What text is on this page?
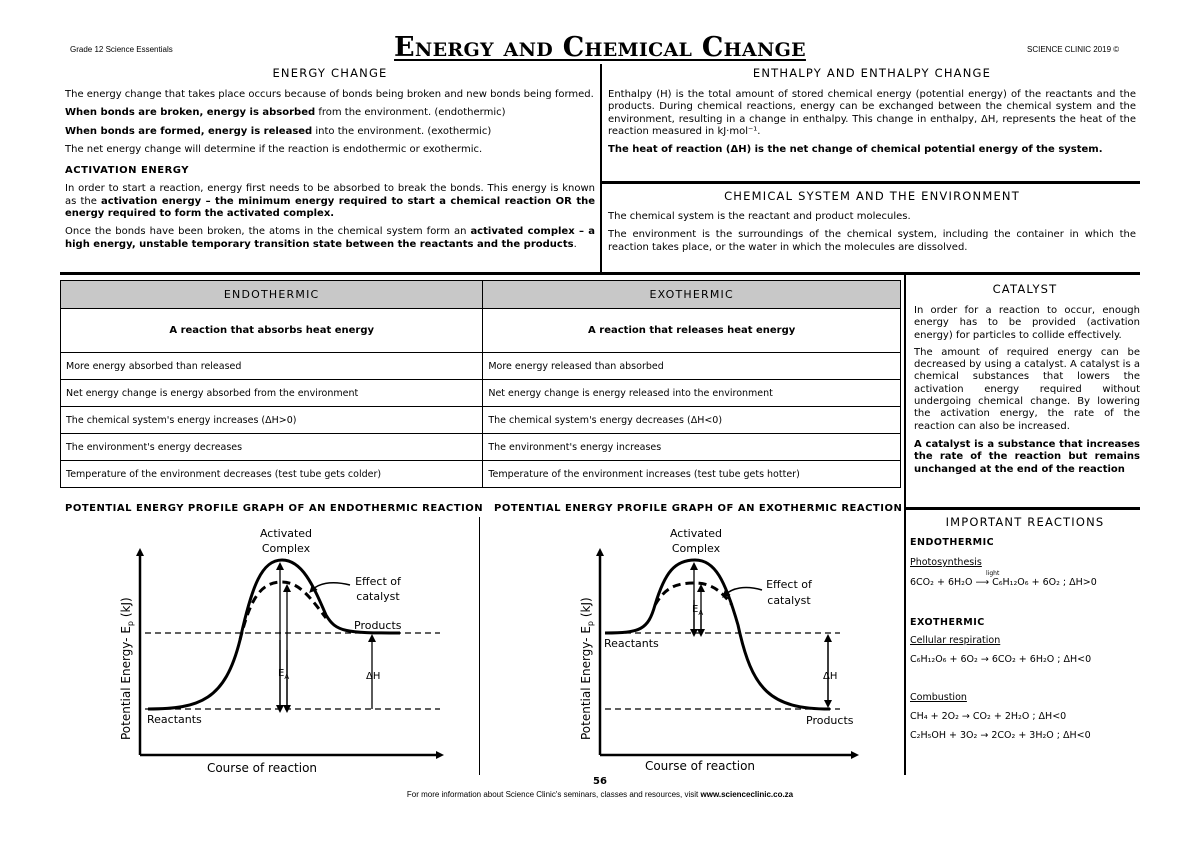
Grade 12 Science Essentials	Energy and Chemical Change	SCIENCE CLINIC 2019 ©
ENERGY CHANGE

The energy change that takes place occurs because of bonds being broken and new bonds being formed.

When bonds are broken, energy is absorbed from the environment. (endothermic)

When bonds are formed, energy is released into the environment. (exothermic)

The net energy change will determine if the reaction is endothermic or exothermic.

ACTIVATION ENERGY

In order to start a reaction, energy first needs to be absorbed to break the bonds. This energy is known as the activation energy – the minimum energy required to start a chemical reaction OR the energy required to form the activated complex.

Once the bonds have been broken, the atoms in the chemical system form an activated complex – a high energy, unstable temporary transition state between the reactants and the products.

ENTHALPY AND ENTHALPY CHANGE

Enthalpy (H) is the total amount of stored chemical energy (potential energy) of the reactants and the products. During chemical reactions, energy can be exchanged between the chemical system and the environment, resulting in a change in enthalpy. This change in enthalpy, ΔH, represents the heat of the reaction measured in kJ·mol⁻¹.

The heat of reaction (ΔH) is the net change of chemical potential energy of the system.

CHEMICAL SYSTEM AND THE ENVIRONMENT

The chemical system is the reactant and product molecules.

The environment is the surroundings of the chemical system, including the container in which the reaction takes place, or the water in which the molecules are dissolved.

ENDOTHERMIC	EXOTHERMIC
A reaction that absorbs heat energy	A reaction that releases heat energy
More energy absorbed than released	More energy released than absorbed
Net energy change is energy absorbed from the environment	Net energy change is energy released into the environment
The chemical system's energy increases (ΔH>0)	The chemical system's energy decreases (ΔH<0)
The environment's energy decreases	The environment's energy increases
Temperature of the environment decreases (test tube gets colder)	Temperature of the environment increases (test tube gets hotter)
CATALYST

In order for a reaction to occur, enough energy has to be provided (activation energy) for particles to collide effectively.

The amount of required energy can be decreased by using a catalyst. A catalyst is a chemical substances that lowers the activation energy required without undergoing chemical change. By lowering the activation energy, the rate of the reaction can also be increased.

A catalyst is a substance that increases the rate of the reaction but remains unchanged at the end of the reaction

IMPORTANT REACTIONS
ENDOTHERMIC
Photosynthesis
light
6CO₂ + 6H₂O ⟶ C₆H₁₂O₆ + 6O₂ ; ΔH>0
EXOTHERMIC
Cellular respiration
C₆H₁₂O₆ + 6O₂ → 6CO₂ + 6H₂O ; ΔH<0
Combustion
CH₄ + 2O₂ → CO₂ + 2H₂O ; ΔH<0
C₂H₅OH + 3O₂ → 2CO₂ + 3H₂O ; ΔH<0
POTENTIAL ENERGY PROFILE GRAPH OF AN ENDOTHERMIC REACTION POTENTIAL ENERGY PROFILE GRAPH OF AN EXOTHERMIC REACTION
Activated
Complex
Effect of
catalyst
Products
Reactants
$E_A$	ΔH
Potential Energy- $E_p$ (kJ)
Course of reaction
Activated
Complex
Effect of
catalyst
Reactants
Products
$E_A$
ΔH
Potential Energy- $E_p$ (kJ)
Course of reaction
56
For more information about Science Clinic's seminars, classes and resources, visit www.scienceclinic.co.za
